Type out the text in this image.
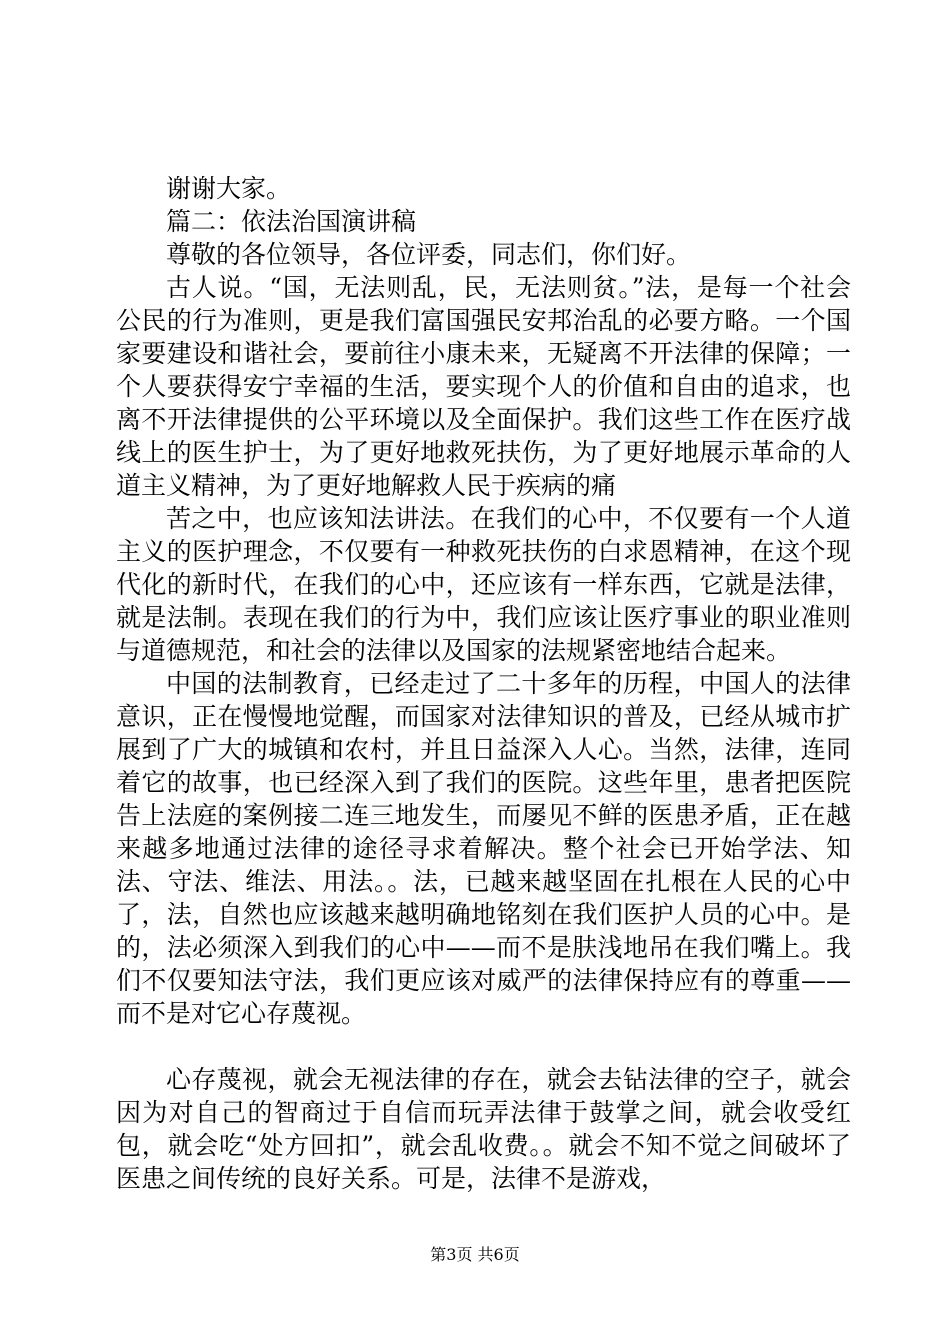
谢谢大家。

篇二：依法治国演讲稿

尊敬的各位领导，各位评委，同志们，你们好。

古人说。“国，无法则乱，民，无法则贫。”法，是每一个社会公民的行为准则，更是我们富国强民安邦治乱的必要方略。一个国家要建设和谐社会，要前往小康未来，无疑离不开法律的保障；一个人要获得安宁幸福的生活，要实现个人的价值和自由的追求，也离不开法律提供的公平环境以及全面保护。我们这些工作在医疗战线上的医生护士，为了更好地救死扶伤，为了更好地展示革命的人道主义精神，为了更好地解救人民于疾病的痛

苦之中，也应该知法讲法。在我们的心中，不仅要有一个人道主义的医护理念，不仅要有一种救死扶伤的白求恩精神，在这个现代化的新时代，在我们的心中，还应该有一样东西，它就是法律，就是法制。表现在我们的行为中，我们应该让医疗事业的职业准则与道德规范，和社会的法律以及国家的法规紧密地结合起来。

中国的法制教育，已经走过了二十多年的历程，中国人的法律意识，正在慢慢地觉醒，而国家对法律知识的普及，已经从城市扩展到了广大的城镇和农村，并且日益深入人心。当然，法律，连同着它的故事，也已经深入到了我们的医院。这些年里，患者把医院告上法庭的案例接二连三地发生，而屡见不鲜的医患矛盾，正在越来越多地通过法律的途径寻求着解决。整个社会已开始学法、知法、守法、维法、用法。。法，已越来越坚固在扎根在人民的心中了，法，自然也应该越来越明确地铭刻在我们医护人员的心中。是的，法必须深入到我们的心中——而不是肤浅地吊在我们嘴上。我们不仅要知法守法，我们更应该对威严的法律保持应有的尊重——而不是对它心存蔑视。

心存蔑视，就会无视法律的存在，就会去钻法律的空子，就会因为对自己的智商过于自信而玩弄法律于鼓掌之间，就会收受红包，就会吃“处方回扣”，就会乱收费。。就会不知不觉之间破坏了医患之间传统的良好关系。可是，法律不是游戏，

第3页 共6页
